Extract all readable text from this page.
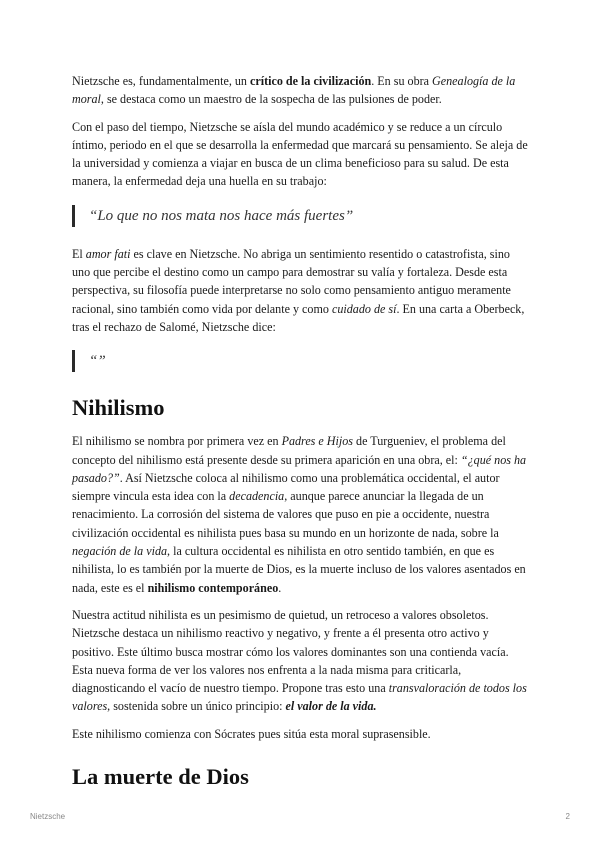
Nietzsche es, fundamentalmente, un crítico de la civilización. En su obra Genealogía de la moral, se destaca como un maestro de la sospecha de las pulsiones de poder.

Con el paso del tiempo, Nietzsche se aísla del mundo académico y se reduce a un círculo íntimo, periodo en el que se desarrolla la enfermedad que marcará su pensamiento. Se aleja de la universidad y comienza a viajar en busca de un clima beneficioso para su salud. De esta manera, la enfermedad deja una huella en su trabajo:

“Lo que no nos mata nos hace más fuertes”

El amor fati es clave en Nietzsche. No abriga un sentimiento resentido o catastrofista, sino uno que percibe el destino como un campo para demostrar su valía y fortaleza. Desde esta perspectiva, su filosofía puede interpretarse no solo como pensamiento antiguo meramente racional, sino también como vida por delante y como cuidado de sí. En una carta a Oberbeck, tras el rechazo de Salomé, Nietzsche dice:

“”
Nihilismo

El nihilismo se nombra por primera vez en Padres e Hijos de Turgueniev, el problema del concepto del nihilismo está presente desde su primera aparición en una obra, el: “¿qué nos ha pasado?”. Así Nietzsche coloca al nihilismo como una problemática occidental, el autor siempre vincula esta idea con la decadencia, aunque parece anunciar la llegada de un renacimiento. La corrosión del sistema de valores que puso en pie a occidente, nuestra civilización occidental es nihilista pues basa su mundo en un horizonte de nada, sobre la negación de la vida, la cultura occidental es nihilista en otro sentido también, en que es nihilista, lo es también por la muerte de Dios, es la muerte incluso de los valores asentados en nada, este es el nihilismo contemporáneo.

Nuestra actitud nihilista es un pesimismo de quietud, un retroceso a valores obsoletos. Nietzsche destaca un nihilismo reactivo y negativo, y frente a él presenta otro activo y positivo. Este último busca mostrar cómo los valores dominantes son una contienda vacía. Esta nueva forma de ver los valores nos enfrenta a la nada misma para criticarla, diagnosticando el vacío de nuestro tiempo. Propone tras esto una transvaloración de todos los valores, sostenida sobre un único principio: el valor de la vida.

Este nihilismo comienza con Sócrates pues sitúa esta moral suprasensible.

La muerte de Dios
Nietzsche	2
